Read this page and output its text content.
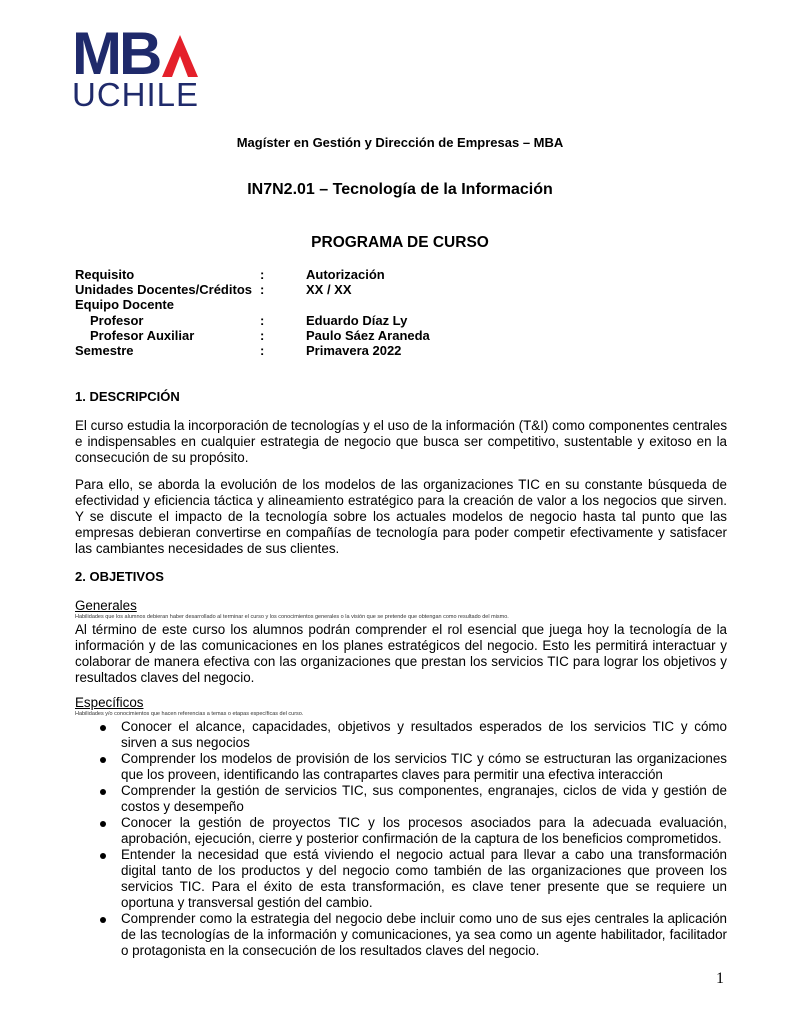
MB
UCHILE
Magíster en Gestión y Dirección de Empresas – MBA
IN7N2.01 – Tecnología de la Información
PROGRAMA DE CURSO
Requisito	:	Autorización
Unidades Docentes/Créditos :	XX / XX
Equipo Docente
Profesor	:	Eduardo Díaz Ly
Profesor Auxiliar	:	Paulo Sáez Araneda
Semestre	:	Primavera 2022
1. DESCRIPCIÓN

El curso estudia la incorporación de tecnologías y el uso de la información (T&I) como componentes centrales e indispensables en cualquier estrategia de negocio que busca ser competitivo, sustentable y exitoso en la consecución de su propósito.

Para ello, se aborda la evolución de los modelos de las organizaciones TIC en su constante búsqueda de efectividad y eficiencia táctica y alineamiento estratégico para la creación de valor a los negocios que sirven. Y se discute el impacto de la tecnología sobre los actuales modelos de negocio hasta tal punto que las empresas debieran convertirse en compañías de tecnología para poder competir efectivamente y satisfacer las cambiantes necesidades de sus clientes.

2. OBJETIVOS
Generales
Habilidades que los alumnos debieran haber desarrollado al terminar el curso y los conocimientos generales o la visión que se pretende que obtengan como resultado del mismo.

Al término de este curso los alumnos podrán comprender el rol esencial que juega hoy la tecnología de la información y de las comunicaciones en los planes estratégicos del negocio. Esto les permitirá interactuar y colaborar de manera efectiva con las organizaciones que prestan los servicios TIC para lograr los objetivos y resultados claves del negocio.

Específicos
Habilidades y/o conocimientos que hacen referencias a temas o etapas específicas del curso.
Conocer el alcance, capacidades, objetivos y resultados esperados de los servicios TIC y cómo sirven a sus negocios
Comprender los modelos de provisión de los servicios TIC y cómo se estructuran las organizaciones que los proveen, identificando las contrapartes claves para permitir una efectiva interacción
Comprender la gestión de servicios TIC, sus componentes, engranajes, ciclos de vida y gestión de costos y desempeño
Conocer la gestión de proyectos TIC y los procesos asociados para la adecuada evaluación, aprobación, ejecución, cierre y posterior confirmación de la captura de los beneficios comprometidos.
Entender la necesidad que está viviendo el negocio actual para llevar a cabo una transformación digital tanto de los productos y del negocio como también de las organizaciones que proveen los servicios TIC. Para el éxito de esta transformación, es clave tener presente que se requiere un oportuna y transversal gestión del cambio.
Comprender como la estrategia del negocio debe incluir como uno de sus ejes centrales la aplicación de las tecnologías de la información y comunicaciones, ya sea como un agente habilitador, facilitador o protagonista en la consecución de los resultados claves del negocio.
1
